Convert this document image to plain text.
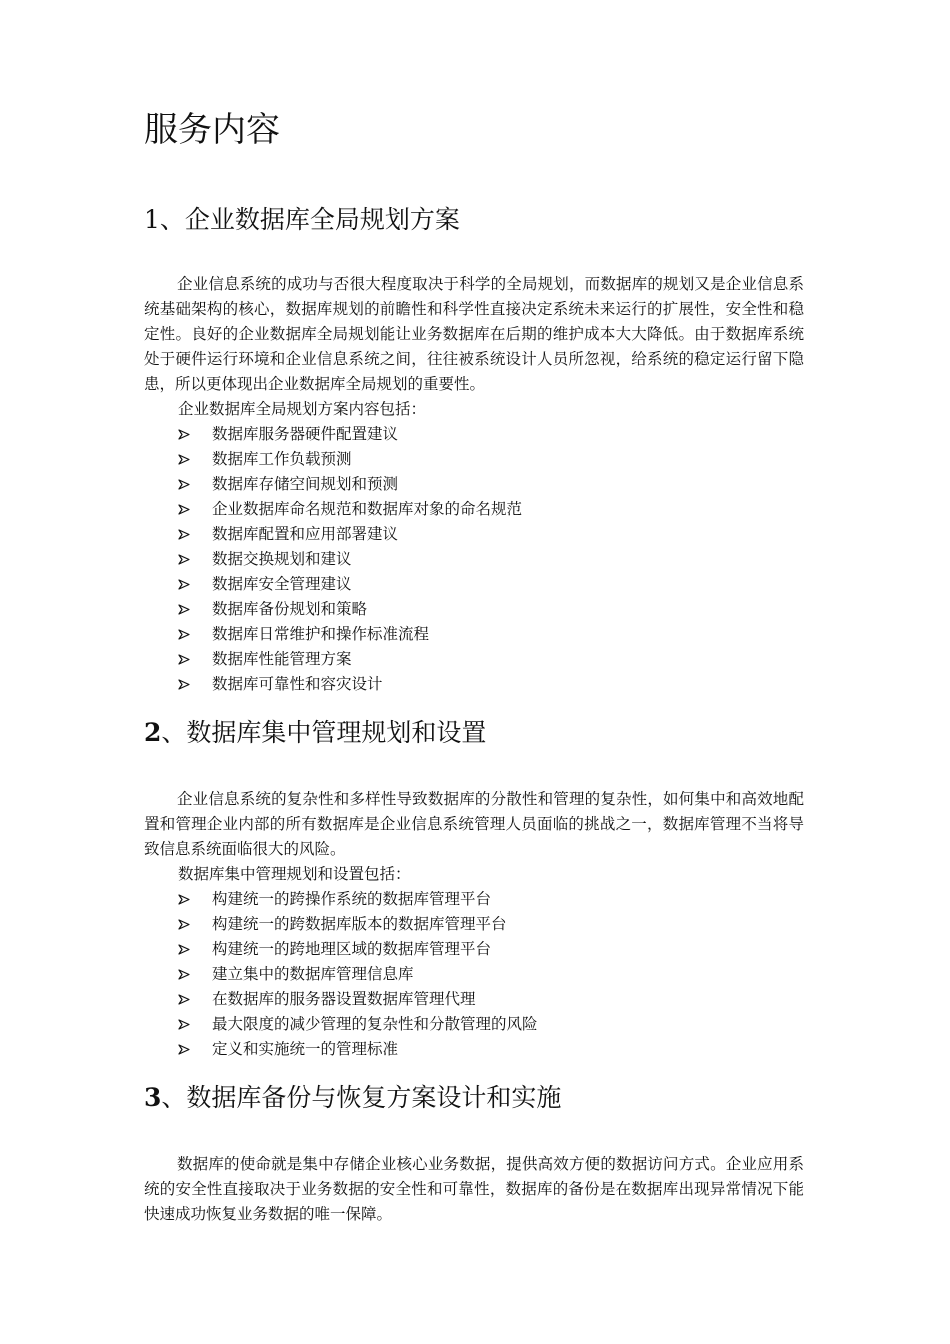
服务内容
1、企业数据库全局规划方案

企业信息系统的成功与否很大程度取决于科学的全局规划，而数据库的规划又是企业信息系统基础架构的核心，数据库规划的前瞻性和科学性直接决定系统未来运行的扩展性，安全性和稳定性。良好的企业数据库全局规划能让业务数据库在后期的维护成本大大降低。由于数据库系统处于硬件运行环境和企业信息系统之间，往往被系统设计人员所忽视，给系统的稳定运行留下隐患，所以更体现出企业数据库全局规划的重要性。

企业数据库全局规划方案内容包括：
数据库服务器硬件配置建议
数据库工作负载预测
数据库存储空间规划和预测
企业数据库命名规范和数据库对象的命名规范
数据库配置和应用部署建议
数据交换规划和建议
数据库安全管理建议
数据库备份规划和策略
数据库日常维护和操作标准流程
数据库性能管理方案
数据库可靠性和容灾设计
2、数据库集中管理规划和设置

企业信息系统的复杂性和多样性导致数据库的分散性和管理的复杂性，如何集中和高效地配置和管理企业内部的所有数据库是企业信息系统管理人员面临的挑战之一，数据库管理不当将导致信息系统面临很大的风险。

数据库集中管理规划和设置包括：
构建统一的跨操作系统的数据库管理平台
构建统一的跨数据库版本的数据库管理平台
构建统一的跨地理区域的数据库管理平台
建立集中的数据库管理信息库
在数据库的服务器设置数据库管理代理
最大限度的减少管理的复杂性和分散管理的风险
定义和实施统一的管理标准
3、数据库备份与恢复方案设计和实施

数据库的使命就是集中存储企业核心业务数据，提供高效方便的数据访问方式。企业应用系统的安全性直接取决于业务数据的安全性和可靠性，数据库的备份是在数据库出现异常情况下能快速成功恢复业务数据的唯一保障。
